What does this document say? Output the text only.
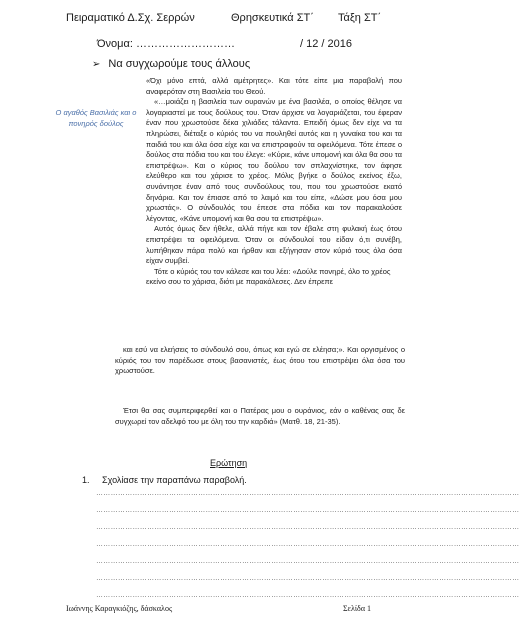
Πειραματικό Δ.Σχ. Σερρών	Θρησκευτικά ΣΤ΄ Τάξη ΣΤ΄
Όνομα: ………………………	/ 12 / 2016
➢ Να συγχωρούμε τους άλλους
Ο αγαθός Βασιλιάς και ο πονηρός δούλος

«Όχι μόνο επτά, αλλά αμέτρητες». Και τότε είπε μια παραβολή που αναφερόταν στη Βασιλεία του Θεού.

«…μοιάζει η βασιλεία των ουρανών με ένα βασιλέα, ο οποίος θέλησε να λογαριαστεί με τους δούλους του. Όταν άρχισε να λογαριάζεται, του έφεραν έναν που χρωστούσε δέκα χιλιάδες τάλαντα. Επειδή όμως δεν είχε να τα πληρώσει, διέταξε ο κύριός του να πουληθεί αυτός και η γυναίκα του και τα παιδιά του και όλα όσα είχε και να επιστραφούν τα οφειλόμενα. Τότε έπεσε ο δούλος στα πόδια του και του έλεγε: «Κύριε, κάνε υπομονή και όλα θα σου τα επιστρέψω». Και ο κύριος του δούλου τον σπλαχνίστηκε, τον άφησε ελεύθερο και του χάρισε το χρέος. Μόλις βγήκε ο δούλος εκείνος έξω, συνάντησε έναν από τους συνδούλους του, που του χρωστούσε εκατό δηνάρια. Και τον έπιασε από το λαιμό και του είπε, «Δώσε μου όσα μου χρωστάς». Ο σύνδουλός του έπεσε στα πόδια και τον παρακαλούσε λέγοντας, «Κάνε υπομονή και θα σου τα επιστρέψω».

Αυτός όμως δεν ήθελε, αλλά πήγε και τον έβαλε στη φυλακή έως ότου επιστρέψει τα οφειλόμενα. Όταν οι σύνδουλοί του είδαν ό,τι συνέβη, λυπήθηκαν πάρα πολύ και ήρθαν και εξήγησαν στον κύριό τους όλα όσα είχαν συμβεί.

Τότε ο κύριός του τον κάλεσε και του λέει: «Δούλε πονηρέ, όλο το χρέος εκείνο σου το χάρισα, διότι με παρακάλεσες. Δεν έπρεπε

και εσύ να ελεήσεις το σύνδουλό σου, όπως και εγώ σε ελέησα;». Και οργισμένος ο κύριός του τον παρέδωσε στους βασανιστές, έως ότου του επιστρέψει όλα όσα του χρωστούσε.

Έτσι θα σας συμπεριφερθεί και ο Πατέρας μου ο ουράνιος, εάν ο καθένας σας δε συγχωρεί τον αδελφό του με όλη του την καρδιά» (Ματθ. 18, 21-35).

Ερώτηση
1. Σχολίασε την παραπάνω παραβολή.
…………………………………………………………………………………………………………………………………………………………
…………………………………………………………………………………………………………………………………………………………
…………………………………………………………………………………………………………………………………………………………
…………………………………………………………………………………………………………………………………………………………
…………………………………………………………………………………………………………………………………………………………
…………………………………………………………………………………………………………………………………………………………
…………………………………………………………………………………………………………………………………………………………
Ιωάννης Καραγκιόζης, δάσκαλος	Σελίδα 1
